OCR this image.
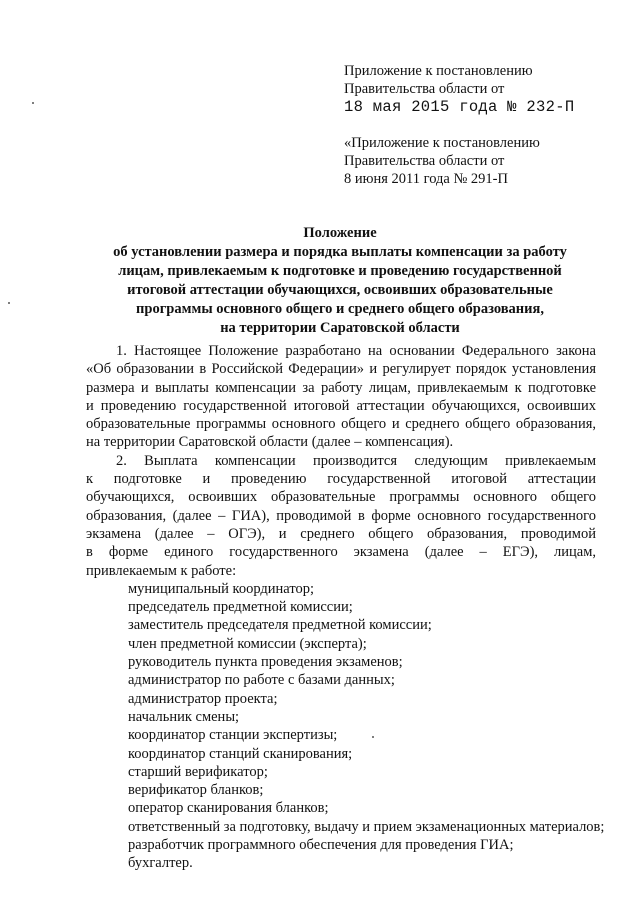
Приложение к постановлению
Правительства области от
18 мая 2015 года № 232-П
«Приложение к постановлению
Правительства области от
8 июня 2011 года № 291-П
Положение
об установлении размера и порядка выплаты компенсации за работу
лицам, привлекаемым к подготовке и проведению государственной
итоговой аттестации обучающихся, освоивших образовательные
программы основного общего и среднего общего образования,
на территории Саратовской области
1. Настоящее Положение разработано на основании Федерального закона
«Об образовании в Российской Федерации» и регулирует порядок установления
размера и выплаты компенсации за работу лицам, привлекаемым к подготовке
и проведению государственной итоговой аттестации обучающихся, освоивших
образовательные программы основного общего и среднего общего образования,
на территории Саратовской области (далее – компенсация).
2. Выплата компенсации производится следующим привлекаемым
к подготовке и проведению государственной итоговой аттестации
обучающихся, освоивших образовательные программы основного общего
образования, (далее – ГИА), проводимой в форме основного государственного
экзамена (далее – ОГЭ), и среднего общего образования, проводимой
в форме единого государственного экзамена (далее – ЕГЭ), лицам,
привлекаемым к работе:
муниципальный координатор;
председатель предметной комиссии;
заместитель председателя предметной комиссии;
член предметной комиссии (эксперта);
руководитель пункта проведения экзаменов;
администратор по работе с базами данных;
администратор проекта;
начальник смены;
координатор станции экспертизы;
координатор станций сканирования;
старший верификатор;
верификатор бланков;
оператор сканирования бланков;
ответственный за подготовку, выдачу и прием экзаменационных материалов;
разработчик программного обеспечения для проведения ГИА;
бухгалтер.
